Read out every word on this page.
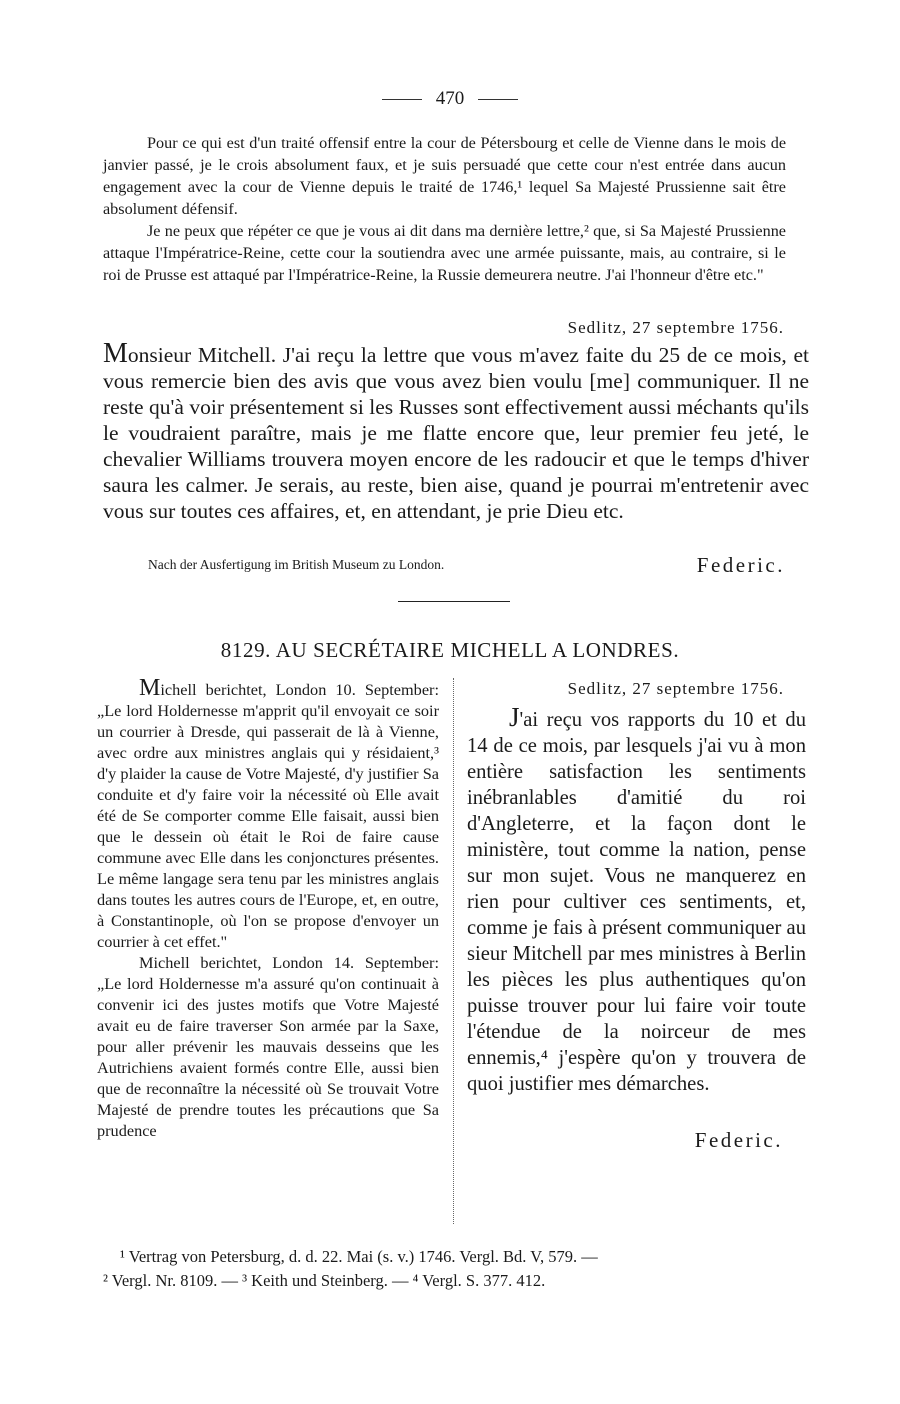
470

Pour ce qui est d'un traité offensif entre la cour de Pétersbourg et celle de Vienne dans le mois de janvier passé, je le crois absolument faux, et je suis persuadé que cette cour n'est entrée dans aucun engagement avec la cour de Vienne depuis le traité de 1746,¹ lequel Sa Majesté Prussienne sait être absolument défensif.

Je ne peux que répéter ce que je vous ai dit dans ma dernière lettre,² que, si Sa Majesté Prussienne attaque l'Impératrice-Reine, cette cour la soutiendra avec une armée puissante, mais, au contraire, si le roi de Prusse est attaqué par l'Impératrice-Reine, la Russie demeurera neutre. J'ai l'honneur d'être etc."

Sedlitz, 27 septembre 1756.
Monsieur Mitchell. J'ai reçu la lettre que vous m'avez faite du 25 de ce mois, et vous remercie bien des avis que vous avez bien voulu [me] communiquer. Il ne reste qu'à voir présentement si les Russes sont effectivement aussi méchants qu'ils le voudraient paraître, mais je me flatte encore que, leur premier feu jeté, le chevalier Williams trouvera moyen encore de les radoucir et que le temps d'hiver saura les calmer. Je serais, au reste, bien aise, quand je pourrai m'entretenir avec vous sur toutes ces affaires, et, en attendant, je prie Dieu etc.
Nach der Ausfertigung im British Museum zu London.	Federic.
8129. AU SECRÉTAIRE MICHELL A LONDRES.

Michell berichtet, London 10. September: „Le lord Holdernesse m'apprit qu'il envoyait ce soir un courrier à Dresde, qui passerait de là à Vienne, avec ordre aux ministres anglais qui y résidaient,³ d'y plaider la cause de Votre Majesté, d'y justifier Sa conduite et d'y faire voir la nécessité où Elle avait été de Se comporter comme Elle faisait, aussi bien que le dessein où était le Roi de faire cause commune avec Elle dans les conjonctures présentes. Le même langage sera tenu par les ministres anglais dans toutes les autres cours de l'Europe, et, en outre, à Constantinople, où l'on se propose d'envoyer un courrier à cet effet."

Michell berichtet, London 14. September: „Le lord Holdernesse m'a assuré qu'on continuait à convenir ici des justes motifs que Votre Majesté avait eu de faire traverser Son armée par la Saxe, pour aller prévenir les mauvais desseins que les Autrichiens avaient formés contre Elle, aussi bien que de reconnaître la nécessité où Se trouvait Votre Majesté de prendre toutes les précautions que Sa prudence

Sedlitz, 27 septembre 1756.
J'ai reçu vos rapports du 10 et du 14 de ce mois, par lesquels j'ai vu à mon entière satisfaction les sentiments inébranlables d'amitié du roi d'Angleterre, et la façon dont le ministère, tout comme la nation, pense sur mon sujet. Vous ne manquerez en rien pour cultiver ces sentiments, et, comme je fais à présent communiquer au sieur Mitchell par mes ministres à Berlin les pièces les plus authentiques qu'on puisse trouver pour lui faire voir toute l'étendue de la noirceur de mes ennemis,⁴ j'espère qu'on y trouvera de quoi justifier mes démarches.
Federic.

¹ Vertrag von Petersburg, d. d. 22. Mai (s. v.) 1746. Vergl. Bd. V, 579. —

² Vergl. Nr. 8109. — ³ Keith und Steinberg. — ⁴ Vergl. S. 377. 412.
